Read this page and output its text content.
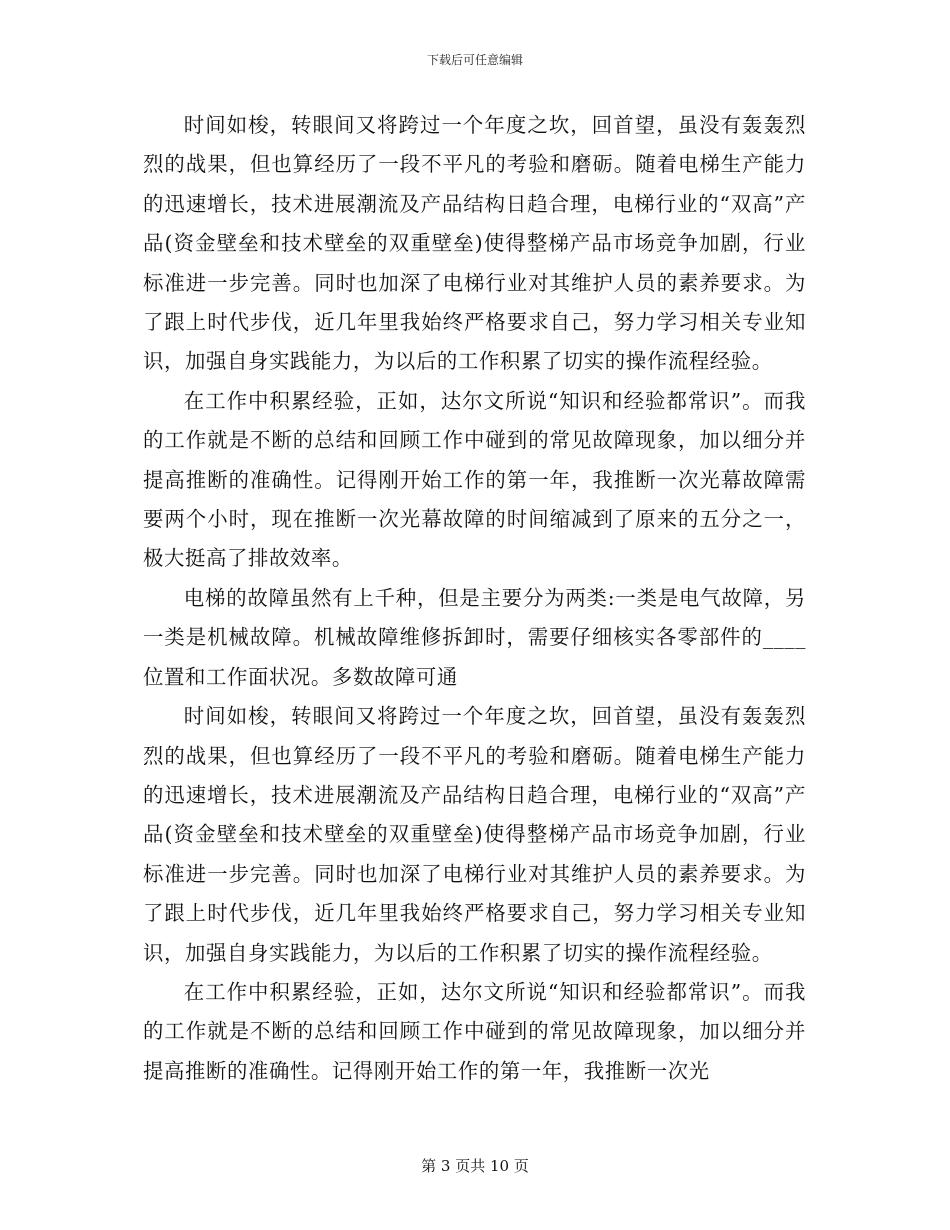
下载后可任意编辑

时间如梭，转眼间又将跨过一个年度之坎，回首望，虽没有轰轰烈烈的战果，但也算经历了一段不平凡的考验和磨砺。随着电梯生产能力的迅速增长，技术进展潮流及产品结构日趋合理，电梯行业的“双高”产品(资金壁垒和技术壁垒的双重壁垒)使得整梯产品市场竞争加剧，行业标准进一步完善。同时也加深了电梯行业对其维护人员的素养要求。为了跟上时代步伐，近几年里我始终严格要求自己，努力学习相关专业知识，加强自身实践能力，为以后的工作积累了切实的操作流程经验。

在工作中积累经验，正如，达尔文所说“知识和经验都常识”。而我的工作就是不断的总结和回顾工作中碰到的常见故障现象，加以细分并提高推断的准确性。记得刚开始工作的第一年，我推断一次光幕故障需要两个小时，现在推断一次光幕故障的时间缩减到了原来的五分之一，极大挺高了排故效率。

电梯的故障虽然有上千种，但是主要分为两类:一类是电气故障，另一类是机械故障。机械故障维修拆卸时，需要仔细核实各零部件的____位置和工作面状况。多数故障可通

时间如梭，转眼间又将跨过一个年度之坎，回首望，虽没有轰轰烈烈的战果，但也算经历了一段不平凡的考验和磨砺。随着电梯生产能力的迅速增长，技术进展潮流及产品结构日趋合理，电梯行业的“双高”产品(资金壁垒和技术壁垒的双重壁垒)使得整梯产品市场竞争加剧，行业标准进一步完善。同时也加深了电梯行业对其维护人员的素养要求。为了跟上时代步伐，近几年里我始终严格要求自己，努力学习相关专业知识，加强自身实践能力，为以后的工作积累了切实的操作流程经验。

在工作中积累经验，正如，达尔文所说“知识和经验都常识”。而我的工作就是不断的总结和回顾工作中碰到的常见故障现象，加以细分并提高推断的准确性。记得刚开始工作的第一年，我推断一次光

第 3 页共 10 页
